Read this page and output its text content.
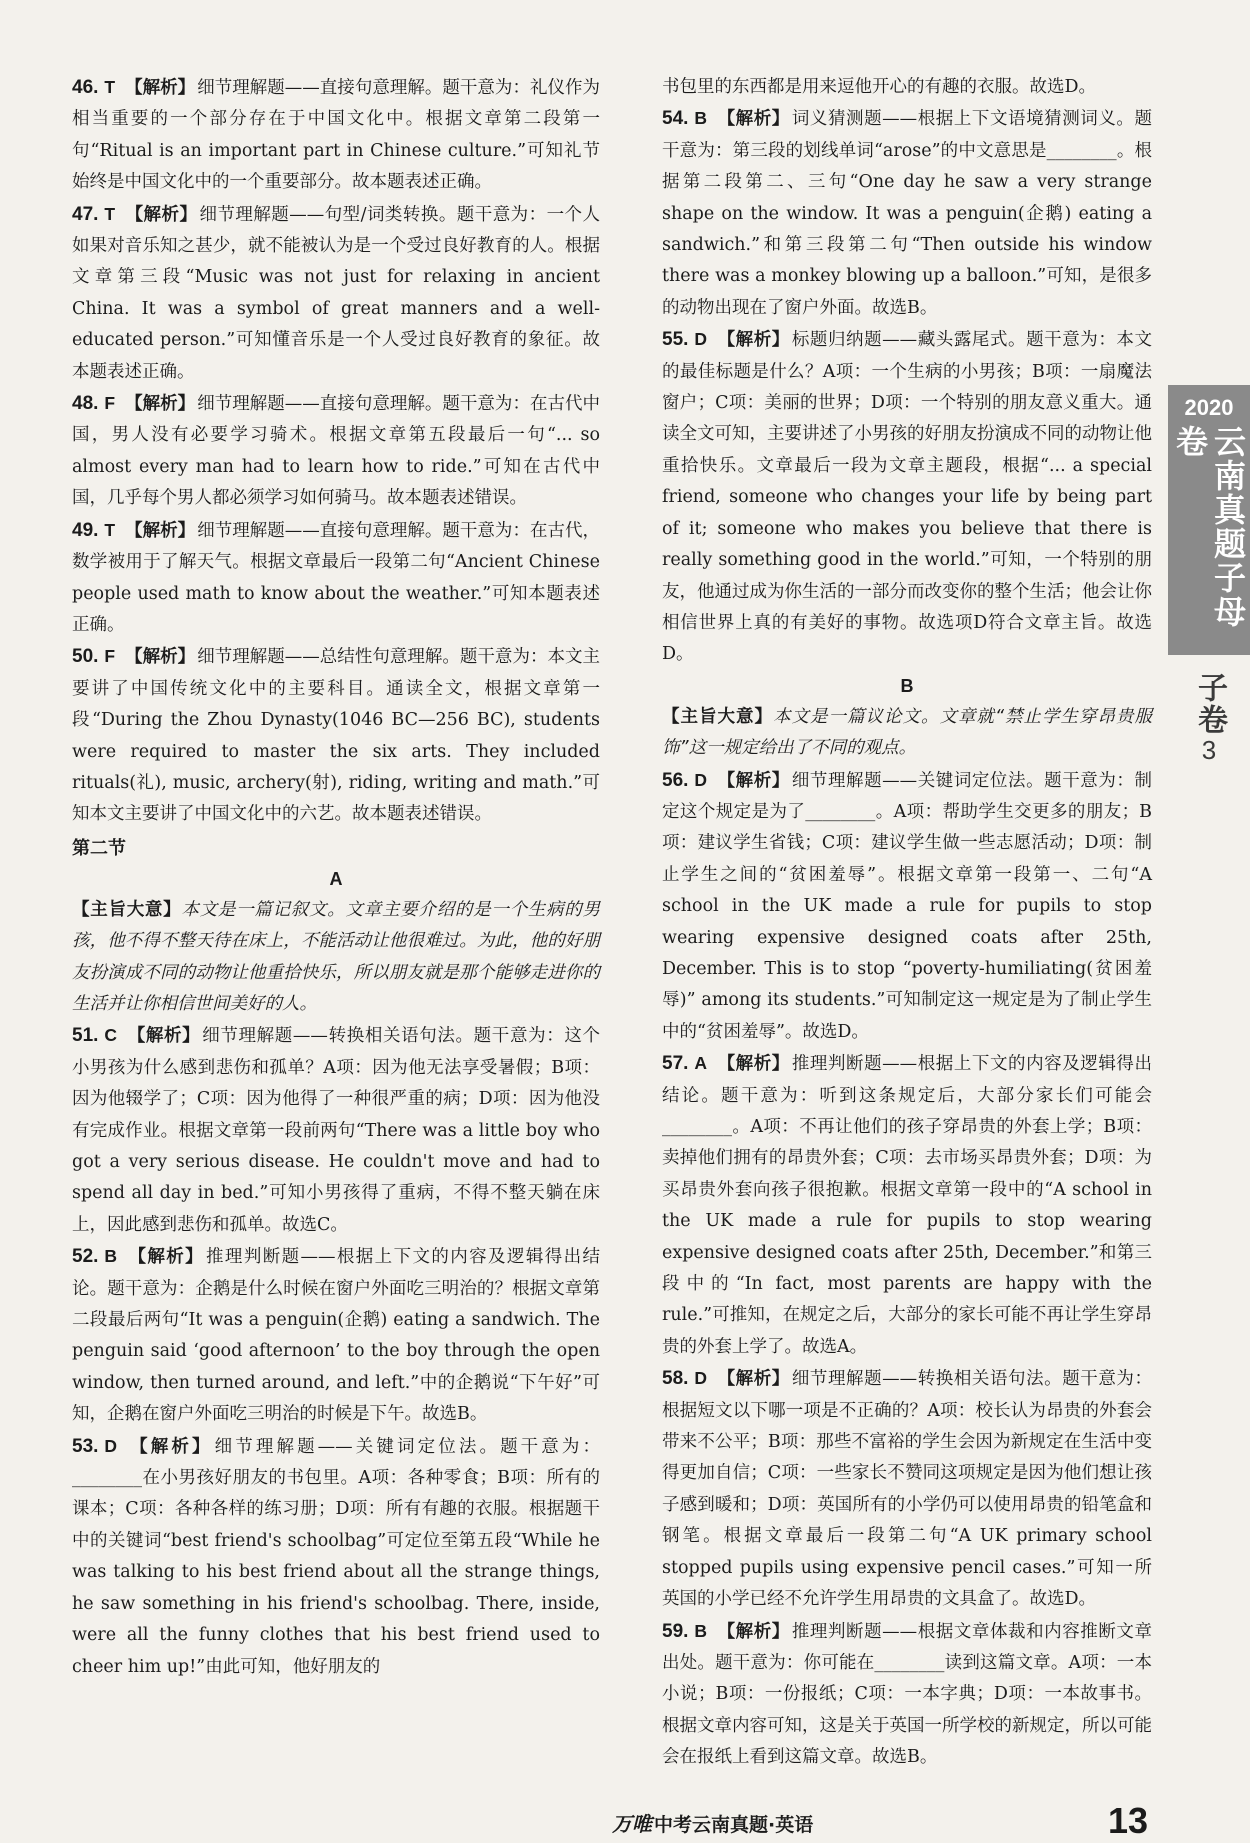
46. T 【解析】 细节理解题——直接句意理解。题干意为：礼仪作为相当重要的一个部分存在于中国文化中。根据文章第二段第一句“Ritual is an important part in Chinese culture.”可知礼节始终是中国文化中的一个重要部分。故本题表述正确。

47. T 【解析】 细节理解题——句型/词类转换。题干意为：一个人如果对音乐知之甚少，就不能被认为是一个受过良好教育的人。根据文章第三段“Music was not just for relaxing in ancient China. It was a symbol of great manners and a well-educated person.”可知懂音乐是一个人受过良好教育的象征。故本题表述正确。

48. F 【解析】 细节理解题——直接句意理解。题干意为：在古代中国，男人没有必要学习骑术。根据文章第五段最后一句“... so almost every man had to learn how to ride.”可知在古代中国，几乎每个男人都必须学习如何骑马。故本题表述错误。

49. T 【解析】 细节理解题——直接句意理解。题干意为：在古代，数学被用于了解天气。根据文章最后一段第二句“Ancient Chinese people used math to know about the weather.”可知本题表述正确。

50. F 【解析】 细节理解题——总结性句意理解。题干意为：本文主要讲了中国传统文化中的主要科目。通读全文，根据文章第一段“During the Zhou Dynasty(1046 BC—256 BC), students were required to master the six arts. They included rituals(礼), music, archery(射), riding, writing and math.”可知本文主要讲了中国文化中的六艺。故本题表述错误。

第二节

A

【主旨大意】本文是一篇记叙文。文章主要介绍的是一个生病的男孩，他不得不整天待在床上，不能活动让他很难过。为此，他的好朋友扮演成不同的动物让他重拾快乐，所以朋友就是那个能够走进你的生活并让你相信世间美好的人。

51. C 【解析】 细节理解题——转换相关语句法。题干意为：这个小男孩为什么感到悲伤和孤单？A项：因为他无法享受暑假；B项：因为他辍学了；C项：因为他得了一种很严重的病；D项：因为他没有完成作业。根据文章第一段前两句“There was a little boy who got a very serious disease. He couldn't move and had to spend all day in bed.”可知小男孩得了重病，不得不整天躺在床上，因此感到悲伤和孤单。故选C。

52. B 【解析】 推理判断题——根据上下文的内容及逻辑得出结论。题干意为：企鹅是什么时候在窗户外面吃三明治的？根据文章第二段最后两句“It was a penguin(企鹅) eating a sandwich. The penguin said ‘good afternoon’ to the boy through the open window, then turned around, and left.”中的企鹅说“下午好”可知，企鹅在窗户外面吃三明治的时候是下午。故选B。

53. D 【解析】 细节理解题——关键词定位法。题干意为：________在小男孩好朋友的书包里。A项：各种零食；B项：所有的课本；C项：各种各样的练习册；D项：所有有趣的衣服。根据题干中的关键词“best friend's schoolbag”可定位至第五段“While he was talking to his best friend about all the strange things, he saw something in his friend's schoolbag. There, inside, were all the funny clothes that his best friend used to cheer him up!”由此可知，他好朋友的

书包里的东西都是用来逗他开心的有趣的衣服。故选D。

54. B 【解析】 词义猜测题——根据上下文语境猜测词义。题干意为：第三段的划线单词“arose”的中文意思是________。根据第二段第二、三句“One day he saw a very strange shape on the window. It was a penguin(企鹅) eating a sandwich.”和第三段第二句“Then outside his window there was a monkey blowing up a balloon.”可知，是很多的动物出现在了窗户外面。故选B。

55. D 【解析】 标题归纳题——藏头露尾式。题干意为：本文的最佳标题是什么？A项：一个生病的小男孩；B项：一扇魔法窗户；C项：美丽的世界；D项：一个特别的朋友意义重大。通读全文可知，主要讲述了小男孩的好朋友扮演成不同的动物让他重拾快乐。文章最后一段为文章主题段，根据“... a special friend, someone who changes your life by being part of it; someone who makes you believe that there is really something good in the world.”可知，一个特别的朋友，他通过成为你生活的一部分而改变你的整个生活；他会让你相信世界上真的有美好的事物。故选项D符合文章主旨。故选D。

B

【主旨大意】本文是一篇议论文。文章就“禁止学生穿昂贵服饰”这一规定给出了不同的观点。

56. D 【解析】 细节理解题——关键词定位法。题干意为：制定这个规定是为了________。A项：帮助学生交更多的朋友；B项：建议学生省钱；C项：建议学生做一些志愿活动；D项：制止学生之间的“贫困羞辱”。根据文章第一段第一、二句“A school in the UK made a rule for pupils to stop wearing expensive designed coats after 25th, December. This is to stop “poverty-humiliating(贫困羞辱)” among its students.”可知制定这一规定是为了制止学生中的“贫困羞辱”。故选D。

57. A 【解析】 推理判断题——根据上下文的内容及逻辑得出结论。题干意为：听到这条规定后，大部分家长们可能会________。A项：不再让他们的孩子穿昂贵的外套上学；B项：卖掉他们拥有的昂贵外套；C项：去市场买昂贵外套；D项：为买昂贵外套向孩子很抱歉。根据文章第一段中的“A school in the UK made a rule for pupils to stop wearing expensive designed coats after 25th, December.”和第三段中的“In fact, most parents are happy with the rule.”可推知，在规定之后，大部分的家长可能不再让学生穿昂贵的外套上学了。故选A。

58. D 【解析】 细节理解题——转换相关语句法。题干意为：根据短文以下哪一项是不正确的？A项：校长认为昂贵的外套会带来不公平；B项：那些不富裕的学生会因为新规定在生活中变得更加自信；C项：一些家长不赞同这项规定是因为他们想让孩子感到暖和；D项：英国所有的小学仍可以使用昂贵的铅笔盒和钢笔。根据文章最后一段第二句“A UK primary school stopped pupils using expensive pencil cases.”可知一所英国的小学已经不允许学生用昂贵的文具盒了。故选D。

59. B 【解析】 推理判断题——根据文章体裁和内容推断文章出处。题干意为：你可能在________读到这篇文章。A项：一本小说；B项：一份报纸；C项：一本字典；D项：一本故事书。根据文章内容可知，这是关于英国一所学校的新规定，所以可能会在报纸上看到这篇文章。故选B。

2020
云南真题子母卷
子卷
3
万唯 中考云南真题·英语	13
